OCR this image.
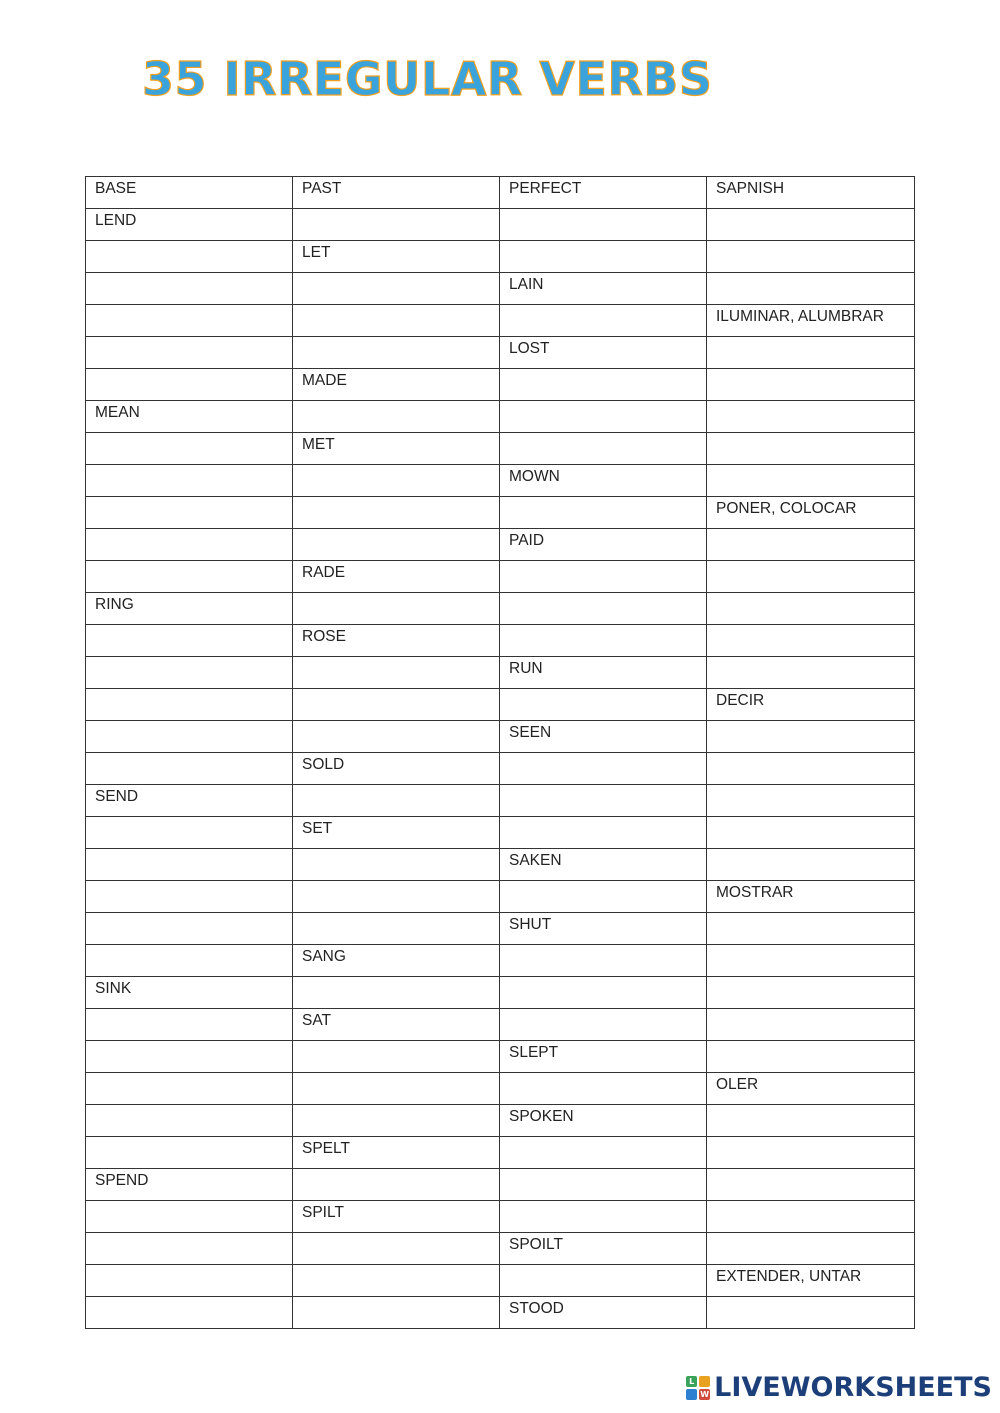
35 IRREGULAR VERBS
BASE	PAST	PERFECT	SAPNISH
LEND			
	LET		
		LAIN	
			ILUMINAR, ALUMBRAR
		LOST	
	MADE		
MEAN			
	MET		
		MOWN	
			PONER, COLOCAR
		PAID	
	RADE		
RING			
	ROSE		
		RUN	
			DECIR
		SEEN	
	SOLD		
SEND			
	SET		
		SAKEN	
			MOSTRAR
		SHUT	
	SANG		
SINK			
	SAT		
		SLEPT	
			OLER
		SPOKEN	
	SPELT		
SPEND			
	SPILT		
		SPOILT	
			EXTENDER, UNTAR
		STOOD	
L
W LIVEWORKSHEETS
